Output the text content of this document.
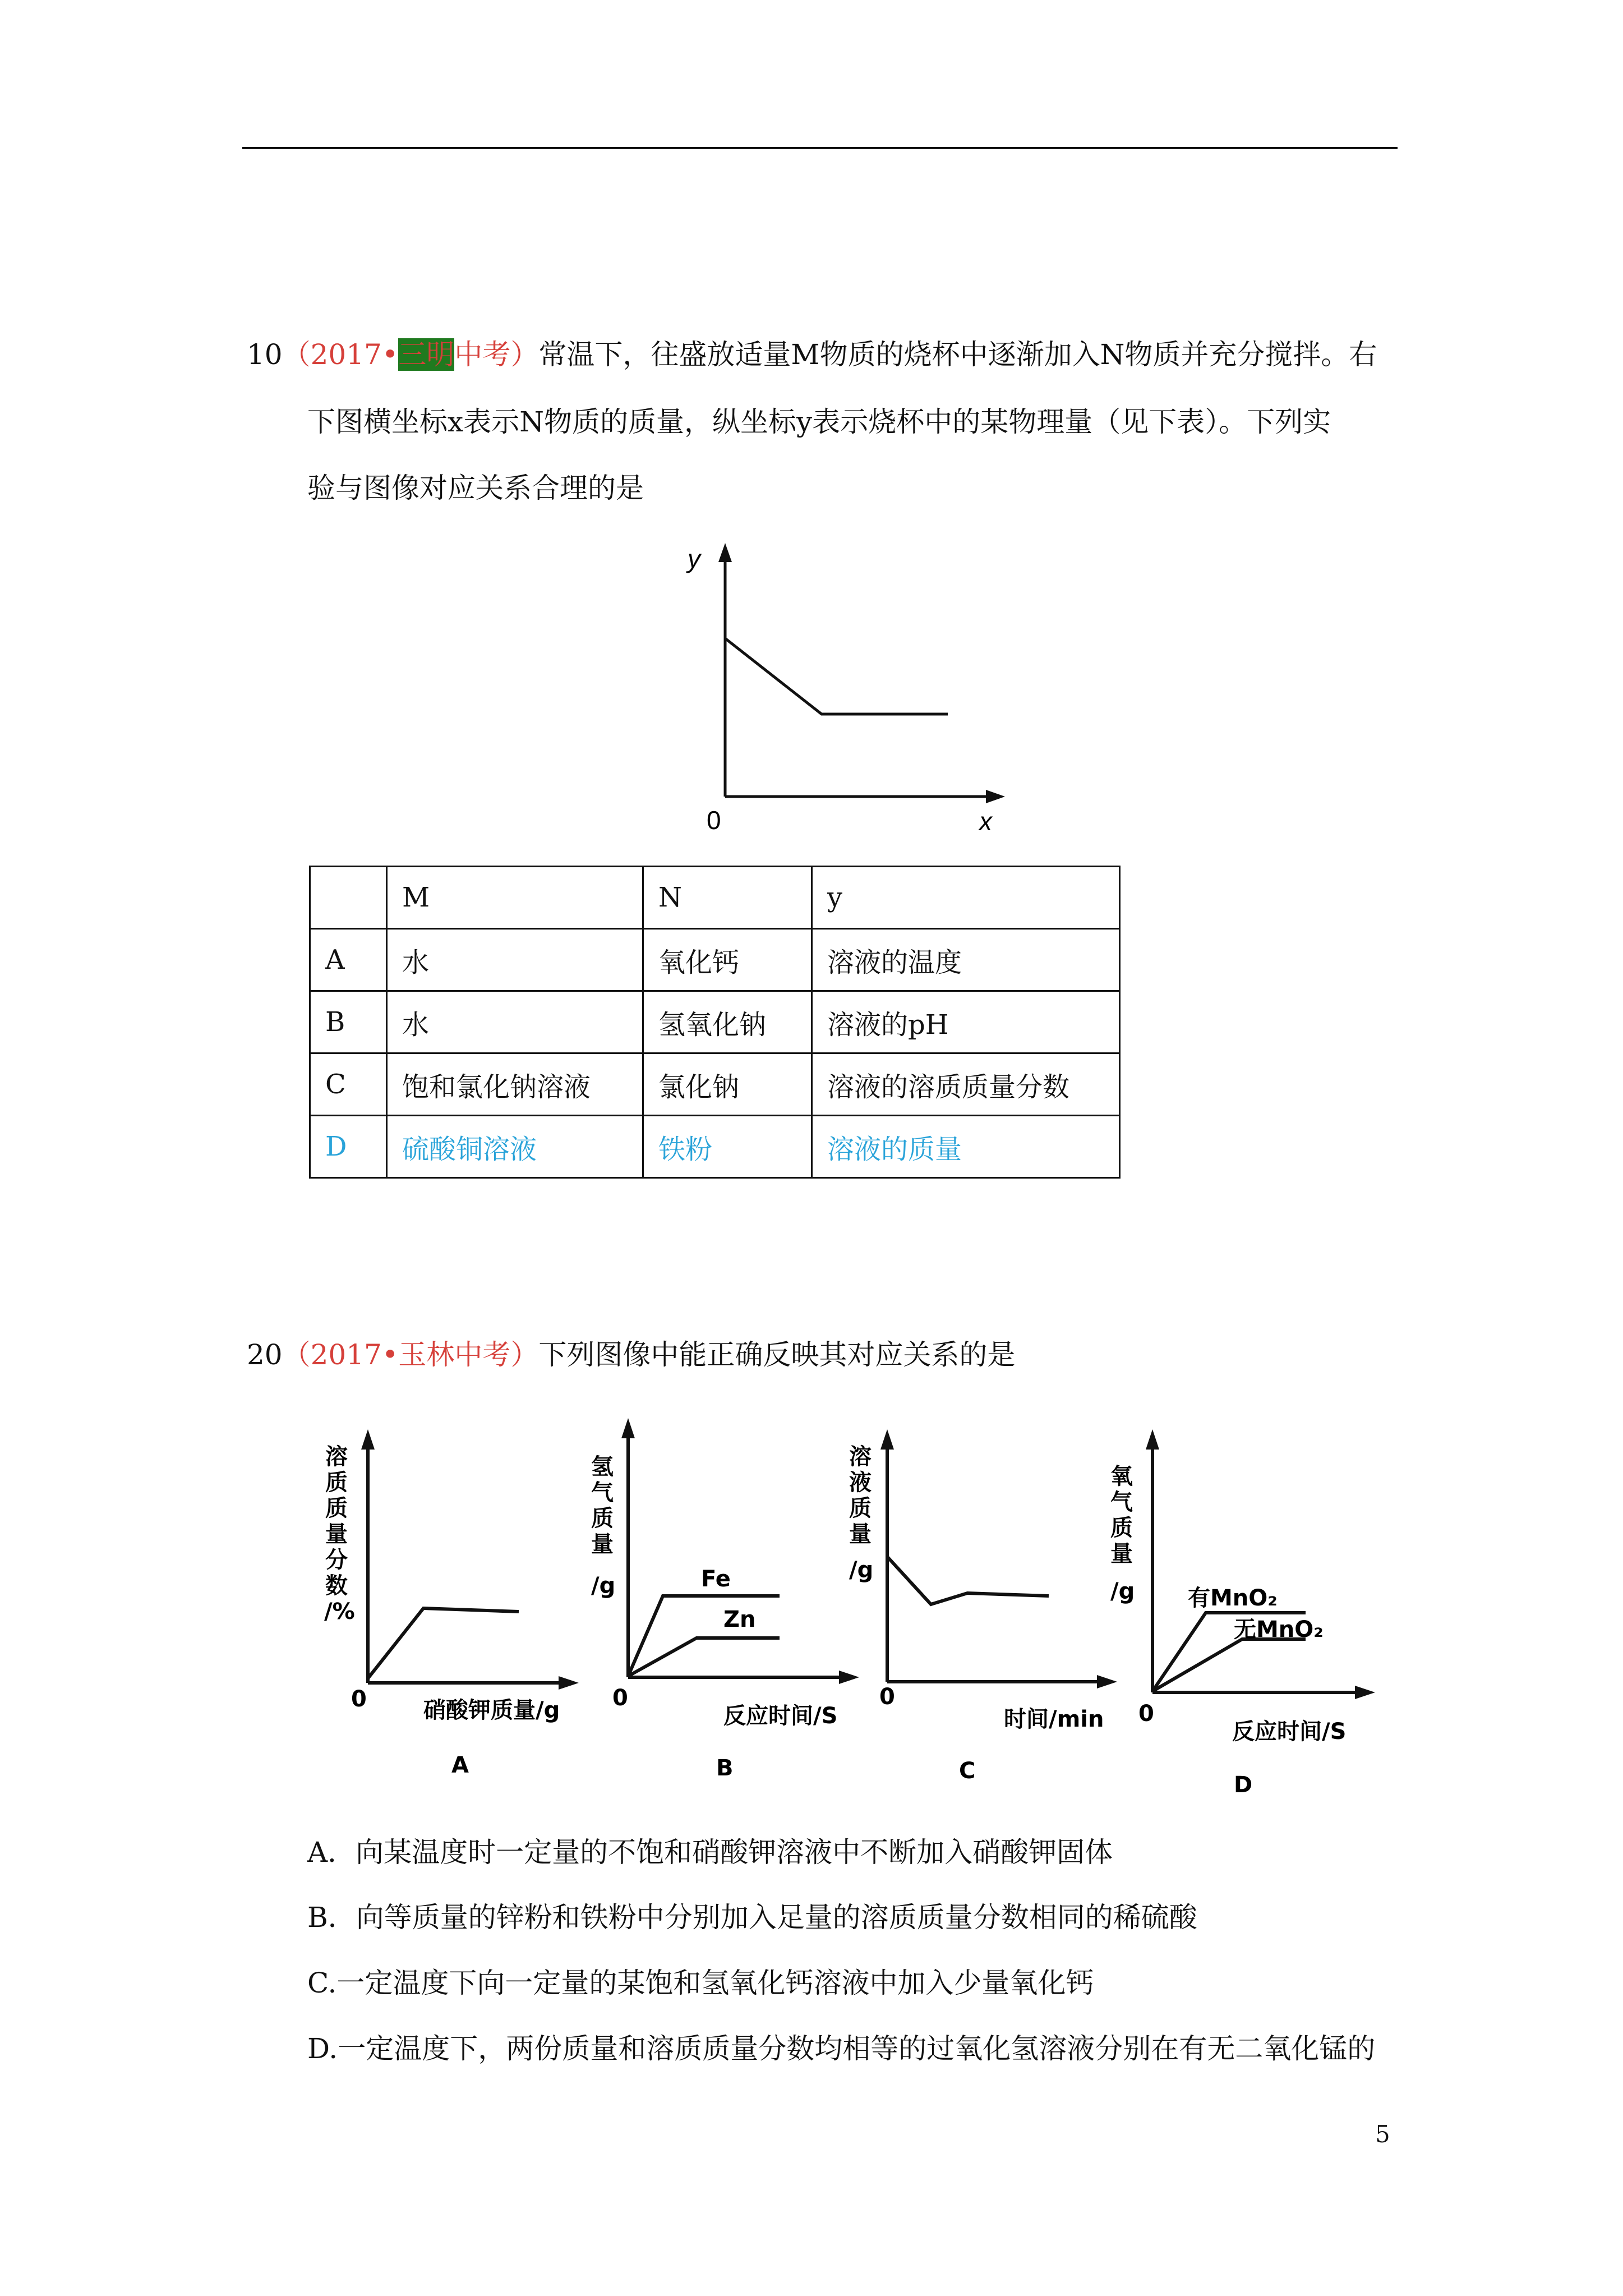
10（2017•三明中考）常温下，往盛放适量M物质的烧杯中逐渐加入N物质并充分搅拌。右
下图横坐标x表示N物质的质量，纵坐标y表示烧杯中的某物理量（见下表）。下列实
验与图像对应关系合理的是
y
0	x
	M	N	y
A	水	氧化钙	溶液的温度
B	水	氢氧化钠	溶液的pH
C	饱和氯化钠溶液	氯化钠	溶液的溶质质量分数
D	硫酸铜溶液	铁粉	溶液的质量
20（2017•玉林中考）下列图像中能正确反映其对应关系的是
溶
质
质
量
分
数
/%
0	硝酸钾质量/g
A
氢
气
质
量
/g	Fe
Zn
0
反应时间/S
B
溶
液
质
量
/g
0
时间/min
C
氧
气
质
量
/g 有MnO₂
无MnO₂
0
反应时间/S
D
A．向某温度时一定量的不饱和硝酸钾溶液中不断加入硝酸钾固体
B．向等质量的锌粉和铁粉中分别加入足量的溶质质量分数相同的稀硫酸
C.一定温度下向一定量的某饱和氢氧化钙溶液中加入少量氧化钙
D.一定温度下，两份质量和溶质质量分数均相等的过氧化氢溶液分别在有无二氧化锰的
5
